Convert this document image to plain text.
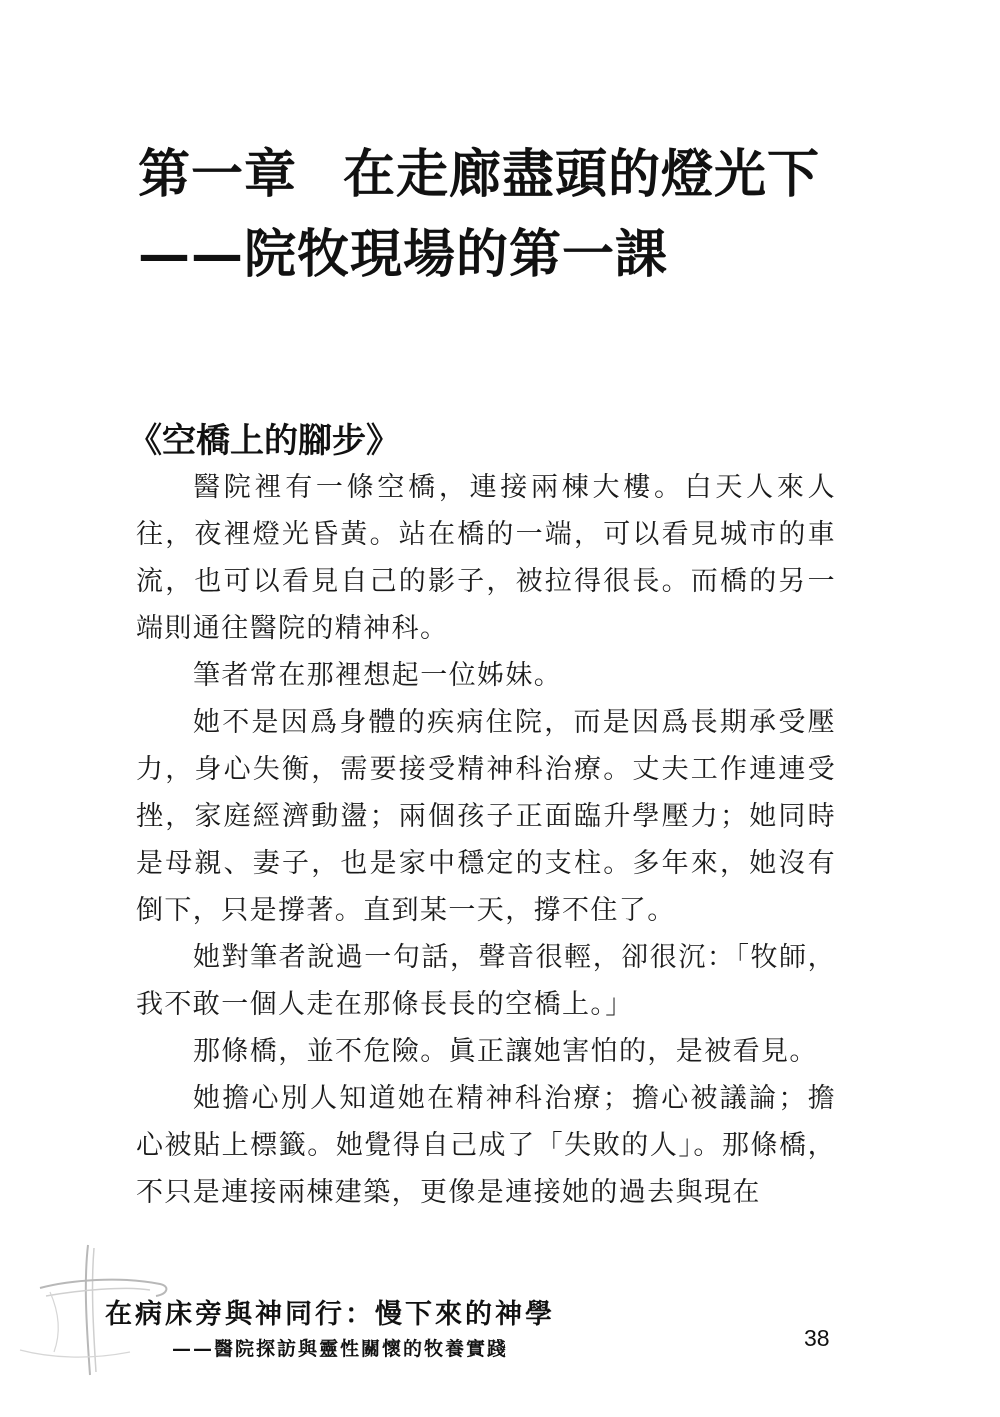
第一章 在走廊盡頭的燈光下
——院牧現場的第一課
《空橋上的腳步》

醫院裡有一條空橋，連接兩棟大樓。白天人來人往，夜裡燈光昏黃。站在橋的一端，可以看見城市的車流，也可以看見自己的影子，被拉得很長。而橋的另一端則通往醫院的精神科。

筆者常在那裡想起一位姊妹。

她不是因爲身體的疾病住院，而是因爲長期承受壓力，身心失衡，需要接受精神科治療。丈夫工作連連受挫，家庭經濟動盪；兩個孩子正面臨升學壓力；她同時是母親、妻子，也是家中穩定的支柱。多年來，她沒有倒下，只是撐著。直到某一天，撐不住了。

她對筆者說過一句話，聲音很輕，卻很沉：「牧師，我不敢一個人走在那條長長的空橋上。」

那條橋，並不危險。眞正讓她害怕的，是被看見。

她擔心別人知道她在精神科治療；擔心被議論；擔心被貼上標籤。她覺得自己成了「失敗的人」。那條橋，不只是連接兩棟建築，更像是連接她的過去與現在

在病床旁與神同行：慢下來的神學
——醫院探訪與靈性關懷的牧養實踐	38
